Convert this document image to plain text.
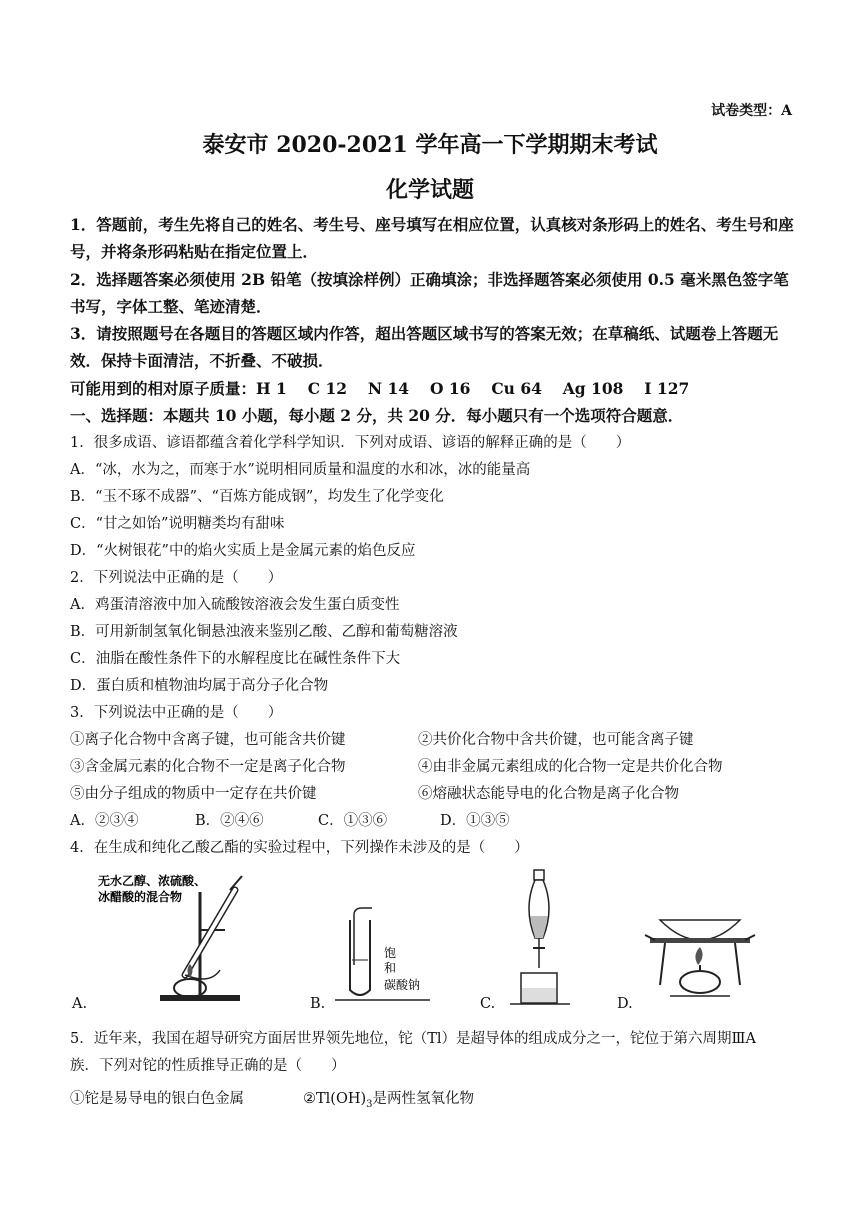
试卷类型：A
泰安市 2020-2021 学年高一下学期期末考试
化学试题
1．答题前，考生先将自己的姓名、考生号、座号填写在相应位置，认真核对条形码上的姓名、考生号和座号，并将条形码粘贴在指定位置上．
2．选择题答案必须使用 2B 铅笔（按填涂样例）正确填涂；非选择题答案必须使用 0.5 毫米黑色签字笔书写，字体工整、笔迹清楚．
3．请按照题号在各题目的答题区域内作答，超出答题区域书写的答案无效；在草稿纸、试题卷上答题无效．保持卡面清洁，不折叠、不破损．
可能用到的相对原子质量：H 1　 C 12　 N 14　 O 16　 Cu 64　 Ag 108　 I 127
一、选择题：本题共 10 小题，每小题 2 分，共 20 分．每小题只有一个选项符合题意．
1．很多成语、谚语都蕴含着化学科学知识．下列对成语、谚语的解释正确的是（　　）
A．“冰，水为之，而寒于水”说明相同质量和温度的水和冰，冰的能量高
B．“玉不琢不成器”、“百炼方能成钢”，均发生了化学变化
C．“甘之如饴”说明糖类均有甜味
D．“火树银花”中的焰火实质上是金属元素的焰色反应
2．下列说法中正确的是（　　）
A．鸡蛋清溶液中加入硫酸铵溶液会发生蛋白质变性
B．可用新制氢氧化铜悬浊液来鉴别乙酸、乙醇和葡萄糖溶液
C．油脂在酸性条件下的水解程度比在碱性条件下大
D．蛋白质和植物油均属于高分子化合物
3．下列说法中正确的是（　　）
①离子化合物中含离子键，也可能含共价键	②共价化合物中含共价键，也可能含离子键
③含金属元素的化合物不一定是离子化合物	④由非金属元素组成的化合物一定是共价化合物
⑤由分子组成的物质中一定存在共价键	⑥熔融状态能导电的化合物是离子化合物
A．②③④	B．②④⑥	C．①③⑥	D．①③⑤
4．在生成和纯化乙酸乙酯的实验过程中，下列操作未涉及的是（　　）
无水乙醇、浓硫酸、
冰醋酸的混合物
A.
饱
和
碳酸钠
B.	C.	D.
5．近年来，我国在超导研究方面居世界领先地位，铊（Tl）是超导体的组成成分之一，铊位于第六周期ⅢA
族．下列对铊的性质推导正确的是（　　）
①铊是易导电的银白色金属	$②Tl(OH)_3$是两性氢氧化物
